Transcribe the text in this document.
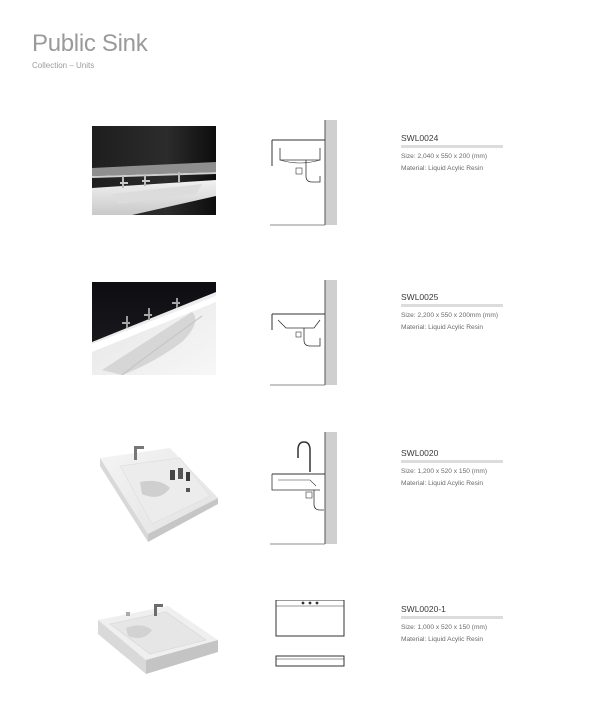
Public Sink
Collection – Units
SWL0024
Size: 2,040 x 550 x 200 (mm)
Material: Liquid Acylic Resin
SWL0025
Size: 2,200 x 550 x 200mm (mm)
Material: Liquid Acylic Resin
SWL0020
Size: 1,200 x 520 x 150 (mm)
Material: Liquid Acylic Resin
SWL0020-1
Size: 1,000 x 520 x 150 (mm)
Material: Liquid Acylic Resin
